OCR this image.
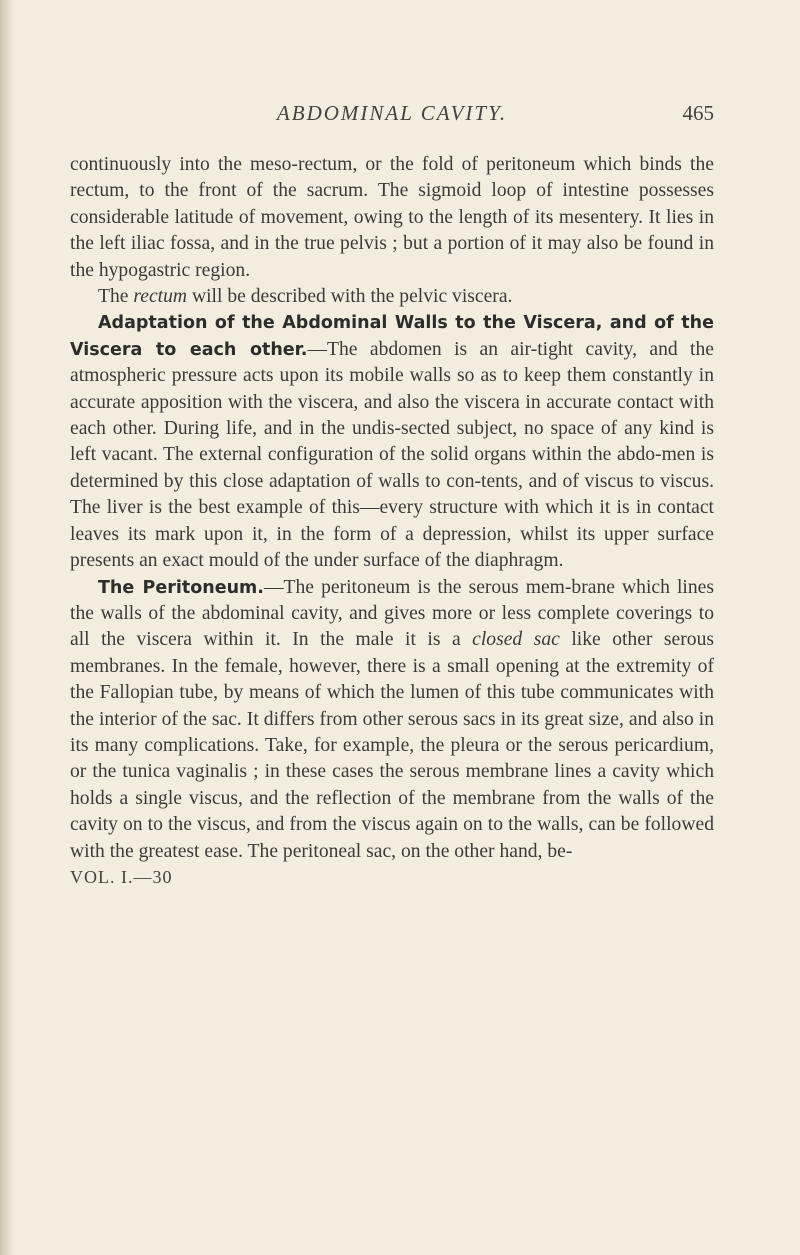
ABDOMINAL CAVITY.	465

continuously into the meso-rectum, or the fold of peritoneum which binds the rectum, to the front of the sacrum. The sigmoid loop of intestine possesses considerable latitude of movement, owing to the length of its mesentery. It lies in the left iliac fossa, and in the true pelvis ; but a portion of it may also be found in the hypogastric region.

The rectum will be described with the pelvic viscera.

Adaptation of the Abdominal Walls to the Viscera, and of the Viscera to each other.—The abdomen is an air-tight cavity, and the atmospheric pressure acts upon its mobile walls so as to keep them constantly in accurate apposition with the viscera, and also the viscera in accurate contact with each other. During life, and in the undis-sected subject, no space of any kind is left vacant. The external configuration of the solid organs within the abdo-men is determined by this close adaptation of walls to con-tents, and of viscus to viscus. The liver is the best example of this—every structure with which it is in contact leaves its mark upon it, in the form of a depression, whilst its upper surface presents an exact mould of the under surface of the diaphragm.

The Peritoneum.—The peritoneum is the serous mem-brane which lines the walls of the abdominal cavity, and gives more or less complete coverings to all the viscera within it. In the male it is a closed sac like other serous membranes. In the female, however, there is a small opening at the extremity of the Fallopian tube, by means of which the lumen of this tube communicates with the interior of the sac. It differs from other serous sacs in its great size, and also in its many complications. Take, for example, the pleura or the serous pericardium, or the tunica vaginalis ; in these cases the serous membrane lines a cavity which holds a single viscus, and the reflection of the membrane from the walls of the cavity on to the viscus, and from the viscus again on to the walls, can be followed with the greatest ease. The peritoneal sac, on the other hand, be-

VOL. I.—30
